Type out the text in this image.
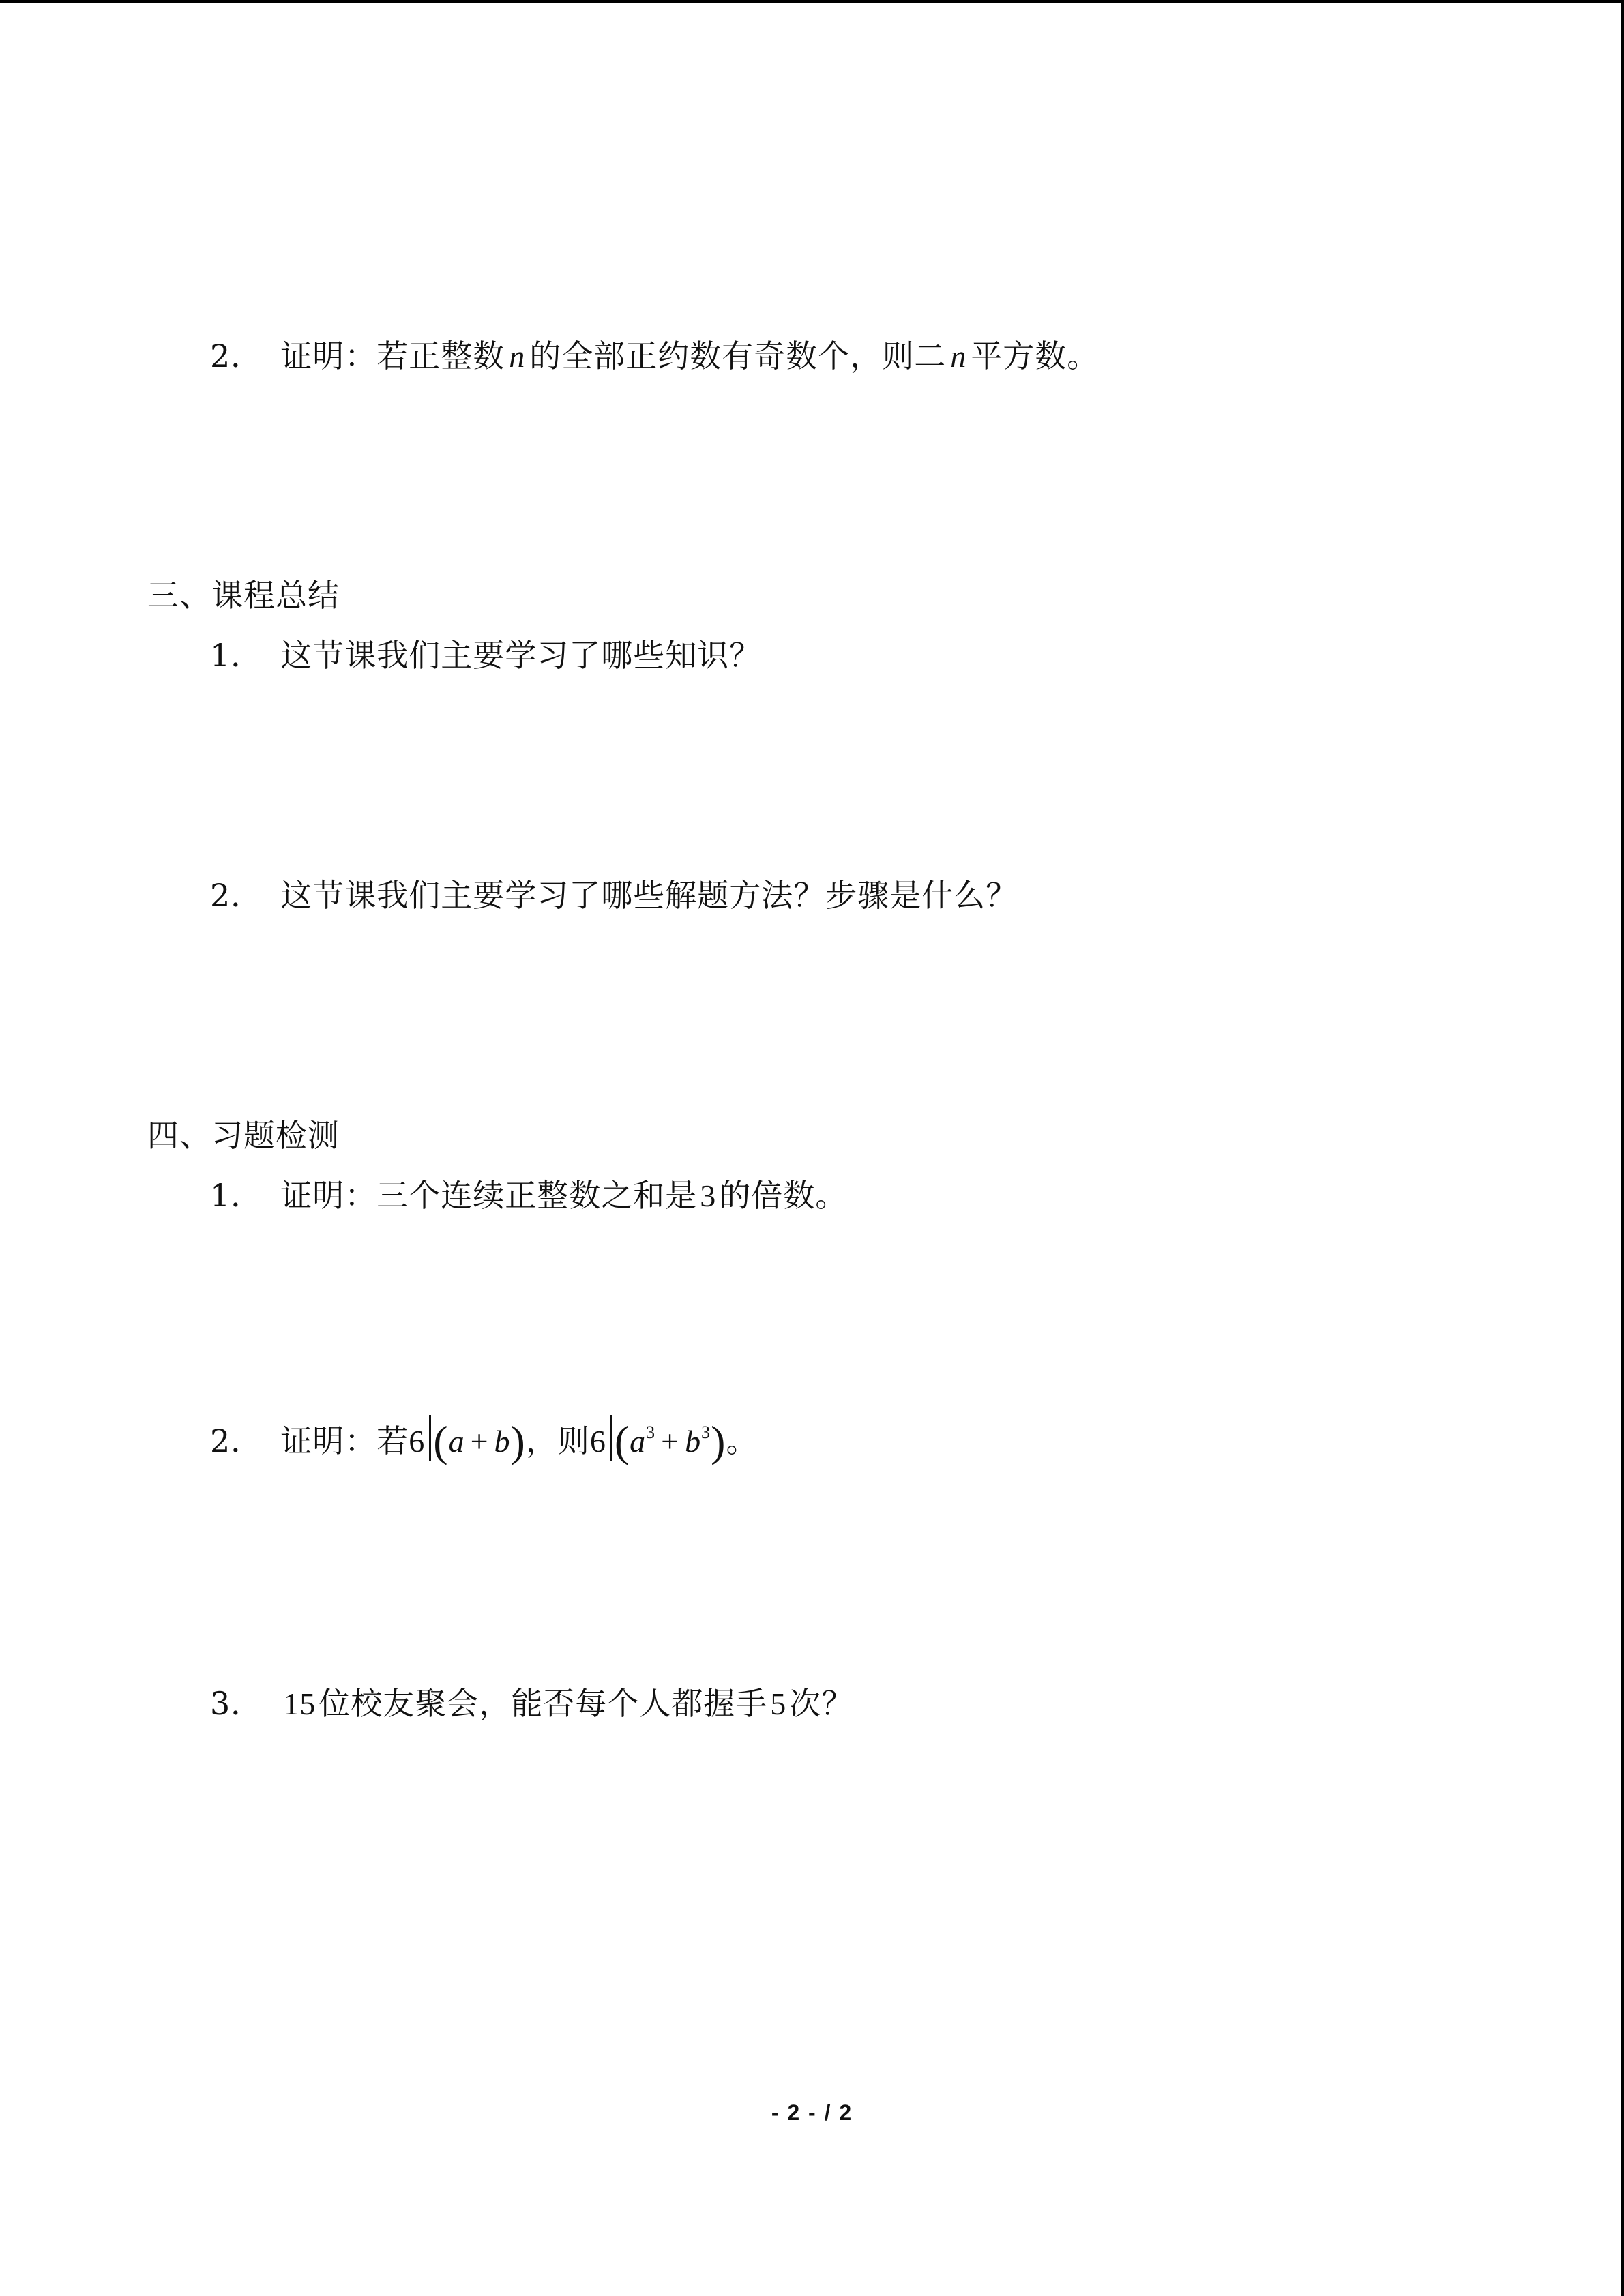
2． 证明：若正整数 n 的全部正约数有奇数个，则二 n 平方数。
三、课程总结
1． 这节课我们主要学习了哪些知识？
2． 这节课我们主要学习了哪些解题方法？步骤是什么？
四、习题检测
1． 证明：三个连续正整数之和是3的倍数。
2． 证明：若6 (a + b)，则6 $(a^3 + b^3)$。
3． 15位校友聚会，能否每个人都握手5次？
- 2 - / 2
